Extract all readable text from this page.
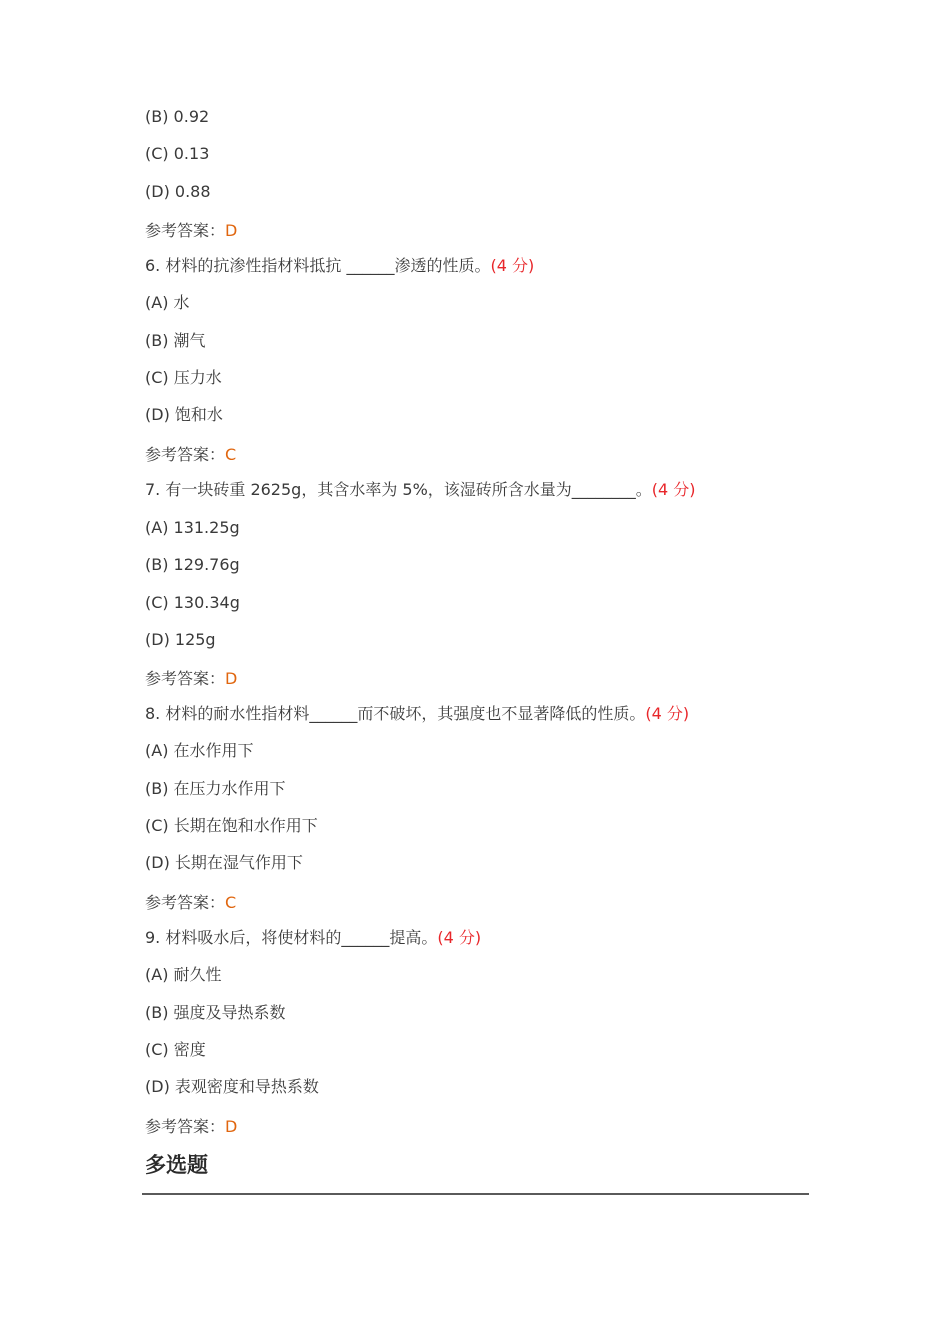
(B) 0.92
(C) 0.13
(D) 0.88
参考答案：D
6. 材料的抗渗性指材料抵抗 ______渗透的性质。(4 分)
(A) 水
(B) 潮气
(C) 压力水
(D) 饱和水
参考答案：C
7. 有一块砖重 2625g，其含水率为 5%，该湿砖所含水量为________。(4 分)
(A) 131.25g
(B) 129.76g
(C) 130.34g
(D) 125g
参考答案：D
8. 材料的耐水性指材料______而不破坏，其强度也不显著降低的性质。(4 分)
(A) 在水作用下
(B) 在压力水作用下
(C) 长期在饱和水作用下
(D) 长期在湿气作用下
参考答案：C
9. 材料吸水后，将使材料的______提高。(4 分)
(A) 耐久性
(B) 强度及导热系数
(C) 密度
(D) 表观密度和导热系数
参考答案：D
多选题
